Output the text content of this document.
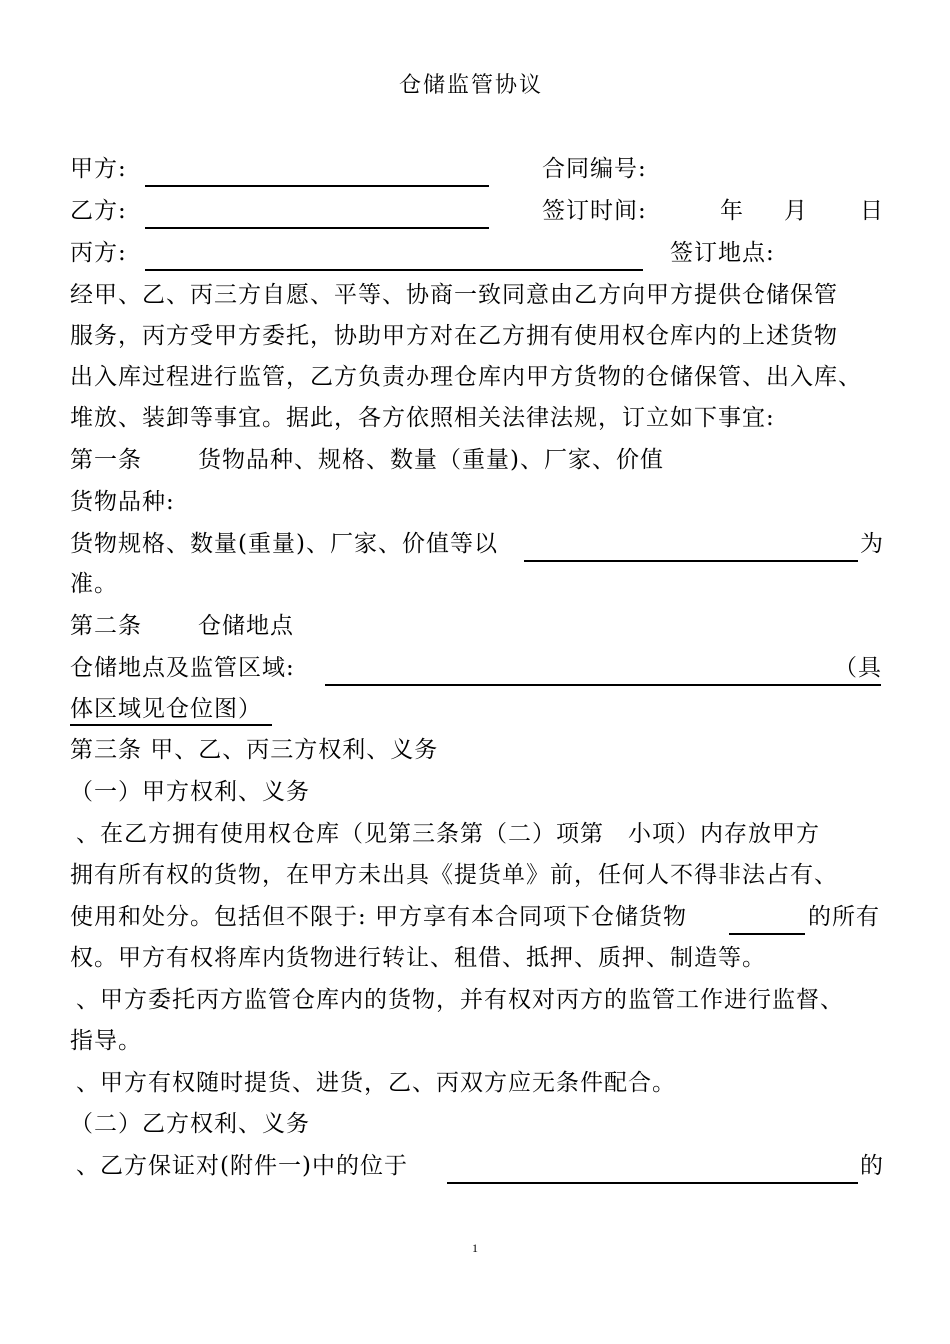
仓储监管协议
甲方:	合同编号:
乙方:	签订时间:	年 月 日
丙方:	签订地点:
经甲、乙、丙三方自愿、平等、协商一致同意由乙方向甲方提供仓储保管
服务，丙方受甲方委托，协助甲方对在乙方拥有使用权仓库内的上述货物
出入库过程进行监管，乙方负责办理仓库内甲方货物的仓储保管、出入库、
堆放、装卸等事宜。据此，各方依照相关法律法规，订立如下事宜:
第一条 货物品种、规格、数量（重量)、厂家、价值
货物品种:
货物规格、数量(重量)、厂家、价值等以	为
准。
第二条 仓储地点
仓储地点及监管区域:	（具
体区域见仓位图）
第三条 甲、乙、丙三方权利、义务
（一）甲方权利、义务
、在乙方拥有使用权仓库（见第三条第（二）项第　小项）内存放甲方
拥有所有权的货物，在甲方未出具《提货单》前，任何人不得非法占有、
使用和处分。包括但不限于: 甲方享有本合同项下仓储货物	的所有
权。甲方有权将库内货物进行转让、租借、抵押、质押、制造等。
、甲方委托丙方监管仓库内的货物，并有权对丙方的监管工作进行监督、
指导。
、甲方有权随时提货、进货，乙、丙双方应无条件配合。
（二）乙方权利、义务
、乙方保证对(附件一)中的位于	的
1
